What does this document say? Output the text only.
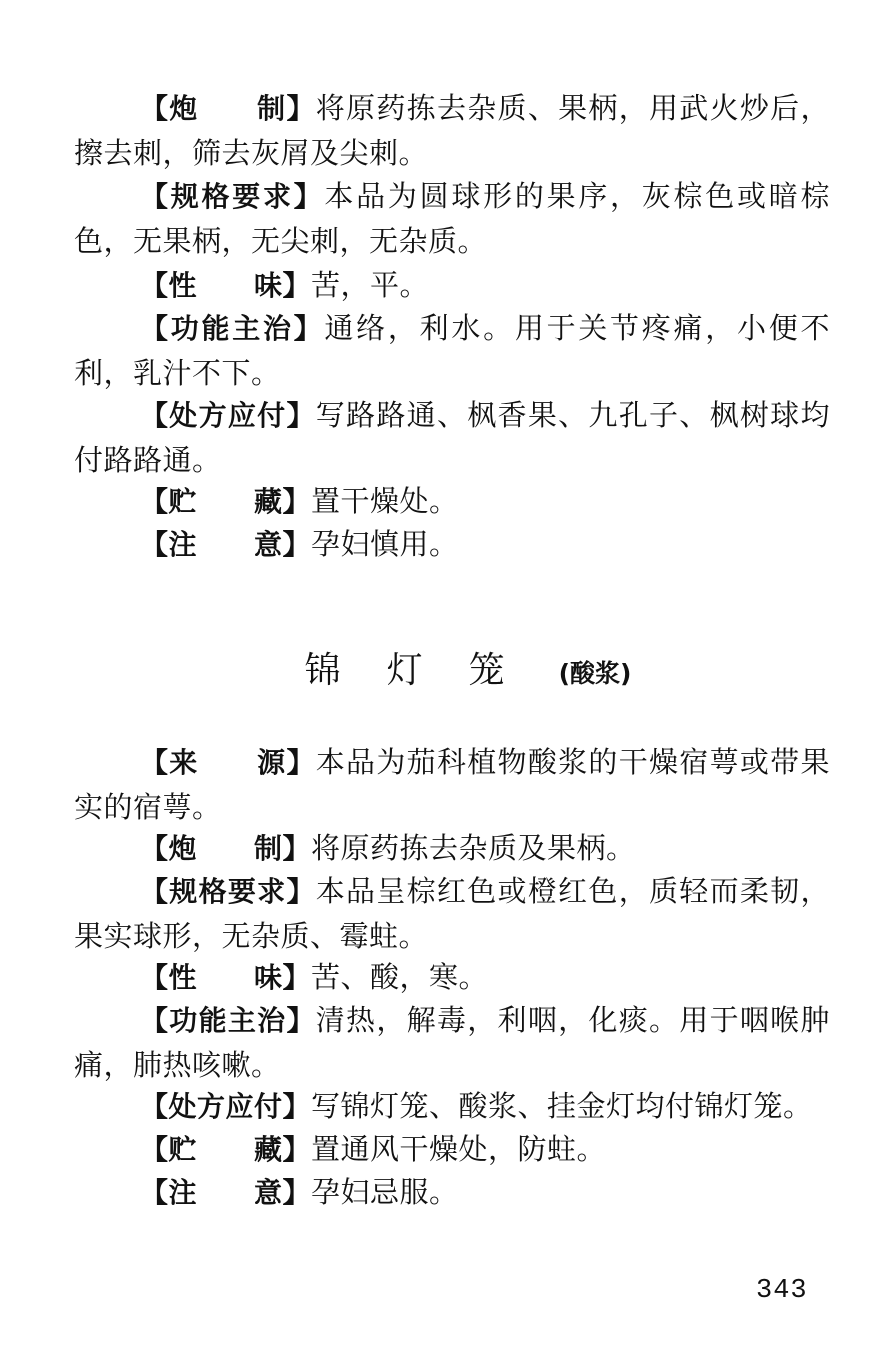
【炮　　制】将原药拣去杂质、果柄，用武火炒后，擦去刺，筛去灰屑及尖刺。

【规格要求】本品为圆球形的果序，灰棕色或暗棕色，无果柄，无尖刺，无杂质。

【性　　味】苦，平。

【功能主治】通络，利水。用于关节疼痛，小便不利，乳汁不下。

【处方应付】写路路通、枫香果、九孔子、枫树球均付路路通。

【贮　　藏】置干燥处。

【注　　意】孕妇慎用。

锦灯笼 (酸浆)

【来　　源】本品为茄科植物酸浆的干燥宿萼或带果实的宿萼。

【炮　　制】将原药拣去杂质及果柄。

【规格要求】本品呈棕红色或橙红色，质轻而柔韧，果实球形，无杂质、霉蛀。

【性　　味】苦、酸，寒。

【功能主治】清热，解毒，利咽，化痰。用于咽喉肿痛，肺热咳嗽。

【处方应付】写锦灯笼、酸浆、挂金灯均付锦灯笼。

【贮　　藏】置通风干燥处，防蛀。

【注　　意】孕妇忌服。

343
